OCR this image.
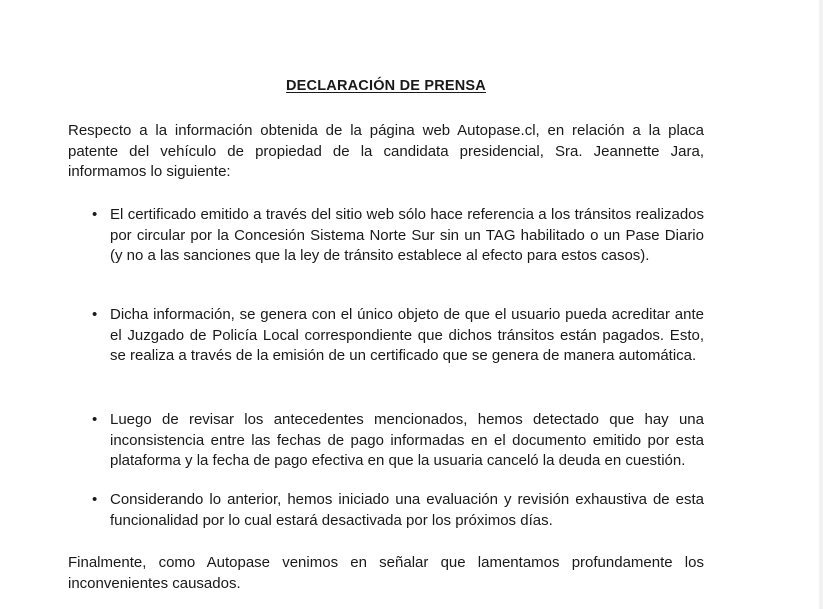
DECLARACIÓN DE PRENSA

Respecto a la información obtenida de la página web Autopase.cl, en relación a la placa patente del vehículo de propiedad de la candidata presidencial, Sra. Jeannette Jara, informamos lo siguiente:

• El certificado emitido a través del sitio web sólo hace referencia a los tránsitos realizados por circular por la Concesión Sistema Norte Sur sin un TAG habilitado o un Pase Diario (y no a las sanciones que la ley de tránsito establece al efecto para estos casos).

• Dicha información, se genera con el único objeto de que el usuario pueda acreditar ante el Juzgado de Policía Local correspondiente que dichos tránsitos están pagados. Esto, se realiza a través de la emisión de un certificado que se genera de manera automática.

• Luego de revisar los antecedentes mencionados, hemos detectado que hay una inconsistencia entre las fechas de pago informadas en el documento emitido por esta plataforma y la fecha de pago efectiva en que la usuaria canceló la deuda en cuestión.

• Considerando lo anterior, hemos iniciado una evaluación y revisión exhaustiva de esta funcionalidad por lo cual estará desactivada por los próximos días.

Finalmente, como Autopase venimos en señalar que lamentamos profundamente los inconvenientes causados.
